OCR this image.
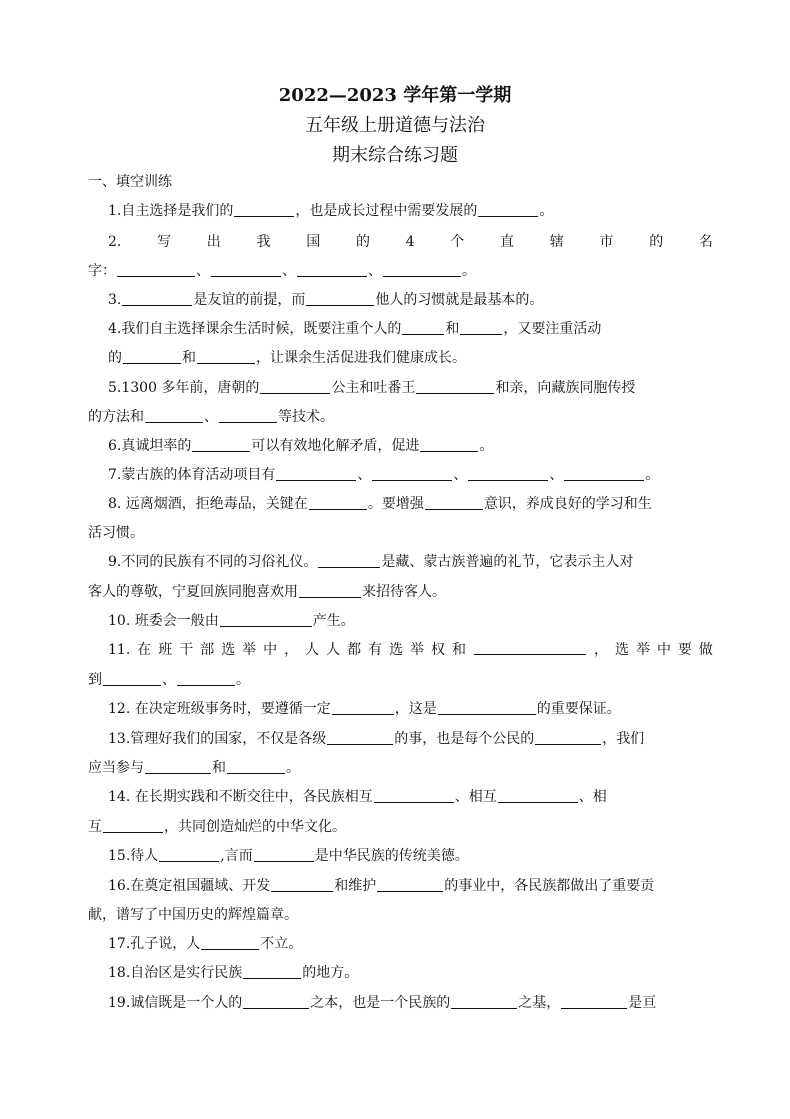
2022—2023 学年第一学期
五年级上册道德与法治
期末综合练习题
一、填空训练
1.自主选择是我们的	，也是成长过程中需要发展的	。
2.	写	出	我	国	的	4	个	直	辖	市	的	名
字：	、	、	、	。
3.	是友谊的前提，而	他人的习惯就是最基本的。
4.我们自主选择课余生活时候，既要注重个人的	和	，又要注重活动
的	和	，让课余生活促进我们健康成长。
5.1300 多年前，唐朝的	公主和吐番王	和亲，向藏族同胞传授
的方法和	、	等技术。
6.真诚坦率的	可以有效地化解矛盾，促进	。
7.蒙古族的体育活动项目有	、	、	、	。
8. 远离烟酒，拒绝毒品，关键在	。要增强	意识，养成良好的学习和生
活习惯。
9.不同的民族有不同的习俗礼仪。	是藏、蒙古族普遍的礼节，它表示主人对
客人的尊敬，宁夏回族同胞喜欢用	来招待客人。
10. 班委会一般由	产生。
11. 在 班 干 部 选 举 中 ， 人 人 都 有 选 举 权 和	， 选 举 中 要 做
到	、	。
12. 在决定班级事务时，要遵循一定	，这是	的重要保证。
13.管理好我们的国家，不仅是各级	的事，也是每个公民的	，我们
应当参与	和	。
14. 在长期实践和不断交往中，各民族相互	、相互	、相
互	，共同创造灿烂的中华文化。
15.待人	,言而	是中华民族的传统美德。
16.在奠定祖国疆域、开发	和维护	的事业中，各民族都做出了重要贡
献，谱写了中国历史的辉煌篇章。
17.孔子说，人	不立。
18.自治区是实行民族	的地方。
19.诚信既是一个人的	之本，也是一个民族的	之基，	是亘
